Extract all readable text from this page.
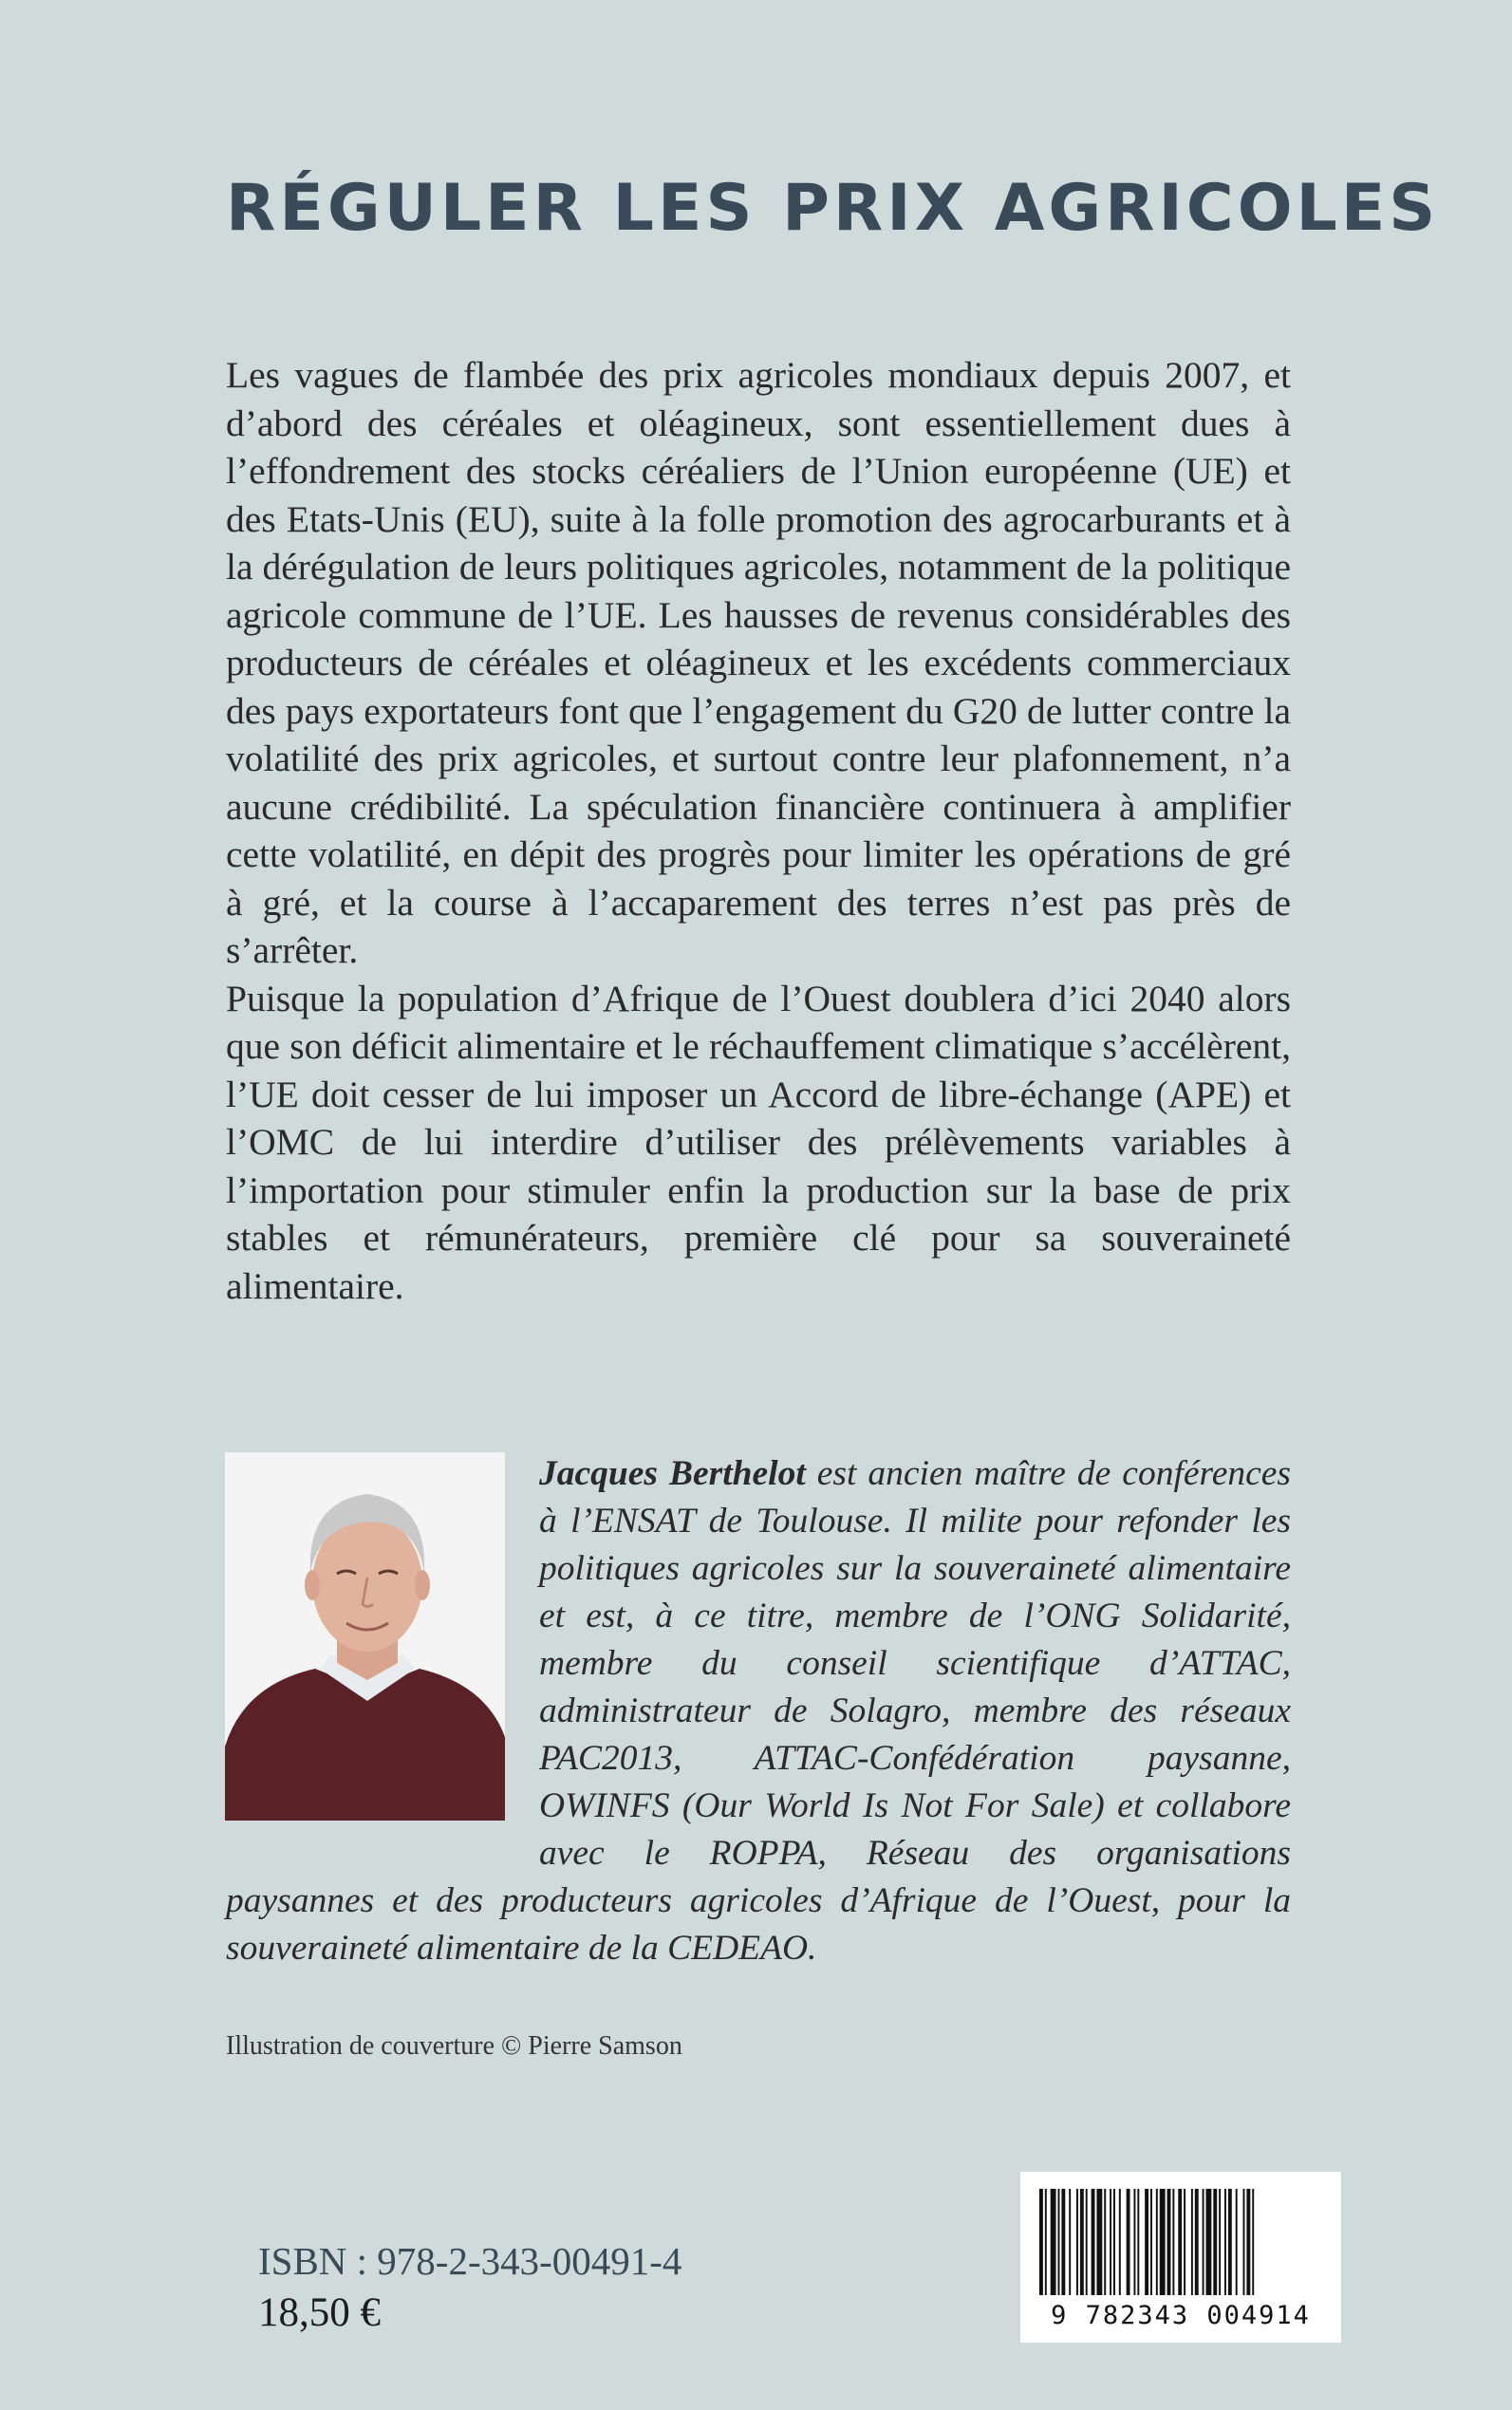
RÉGULER LES PRIX AGRICOLES

Les vagues de flambée des prix agricoles mondiaux depuis 2007, et d’abord des céréales et oléagineux, sont essentiellement dues à l’effondrement des stocks céréaliers de l’Union européenne (UE) et des Etats-Unis (EU), suite à la folle promotion des agrocarburants et à la dérégulation de leurs politiques agricoles, notamment de la politique agricole commune de l’UE. Les hausses de revenus considérables des producteurs de céréales et oléagineux et les excédents commerciaux des pays exportateurs font que l’engagement du G20 de lutter contre la volatilité des prix agricoles, et surtout contre leur plafonnement, n’a aucune crédibilité. La spéculation financière continuera à amplifier cette volatilité, en dépit des progrès pour limiter les opérations de gré à gré, et la course à l’accaparement des terres n’est pas près de s’arrêter.

Puisque la population d’Afrique de l’Ouest doublera d’ici 2040 alors que son déficit alimentaire et le réchauffement climatique s’accélèrent, l’UE doit cesser de lui imposer un Accord de libre-échange (APE) et l’OMC de lui interdire d’utiliser des prélèvements variables à l’importation pour stimuler enfin la production sur la base de prix stables et rémunérateurs, première clé pour sa souveraineté alimentaire.

Jacques Berthelot est ancien maître de conférences à l’ENSAT de Toulouse. Il milite pour refonder les politiques agricoles sur la souveraineté alimentaire et est, à ce titre, membre de l’ONG Solidarité, membre du conseil scientifique d’ATTAC, administrateur de Solagro, membre des réseaux PAC2013, ATTAC-Confédération paysanne, OWINFS (Our World Is Not For Sale) et collabore avec le ROPPA, Réseau des organisations paysannes et des producteurs agricoles d’Afrique de l’Ouest, pour la souveraineté alimentaire de la CEDEAO.
Illustration de couverture © Pierre Samson
ISBN : 978-2-343-00491-4
18,50 €	9 782343 004914
